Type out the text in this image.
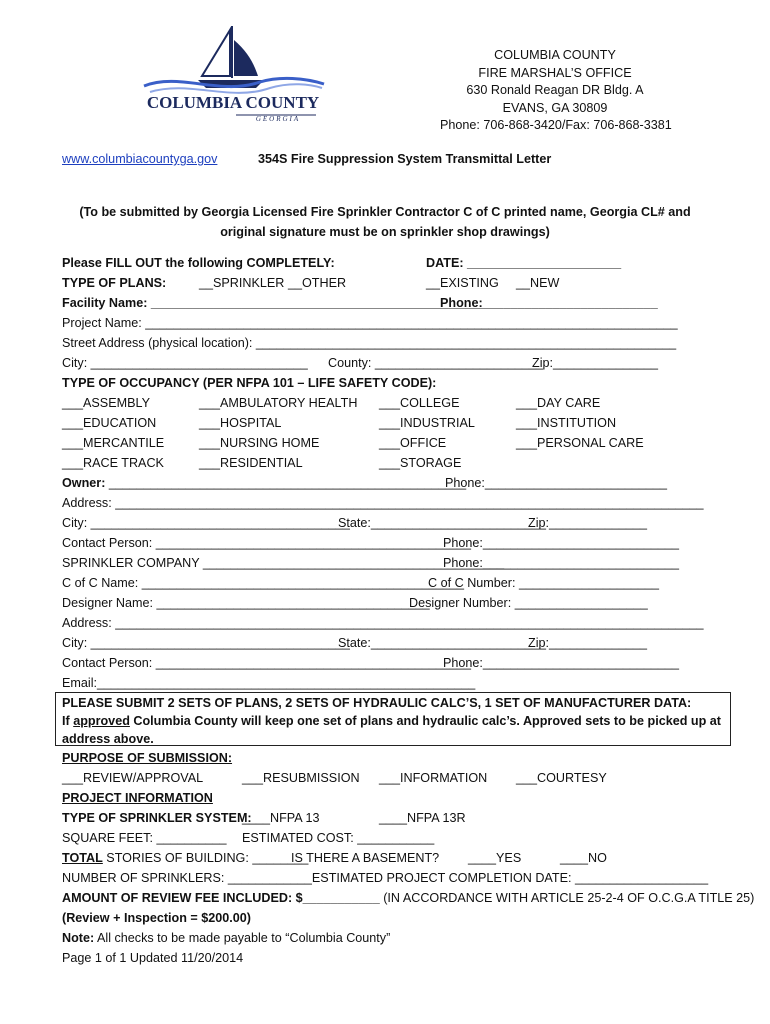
COLUMBIA COUNTY
GEORGIA
COLUMBIA COUNTY
FIRE MARSHAL’S OFFICE
630 Ronald Reagan DR Bldg. A
EVANS, GA 30809
Phone: 706-868-3420/Fax: 706-868-3381
www.columbiacountyga.gov	354S Fire Suppression System Transmittal Letter
(To be submitted by Georgia Licensed Fire Sprinkler Contractor C of C printed name, Georgia CL# and original signature must be on sprinkler shop drawings)
Please FILL OUT the following COMPLETELY:	DATE: ______________________
TYPE OF PLANS:	__SPRINKLER __OTHER	__EXISTING __NEW
Facility Name: _________________________________________________
Phone:_________________________
Project Name: ____________________________________________________________________________
Street Address (physical location): ____________________________________________________________
City: _______________________________ County: ________________________
Zip:_______________
TYPE OF OCCUPANCY (PER NFPA 101 – LIFE SAFETY CODE):
___ASSEMBLY	___AMBULATORY HEALTH ___COLLEGE	___DAY CARE
___EDUCATION	___HOSPITAL	___INDUSTRIAL	___INSTITUTION
___MERCANTILE	___NURSING HOME	___OFFICE	___PERSONAL CARE
___RACE TRACK	___RESIDENTIAL	___STORAGE
Owner: ___________________________________________________
Phone:__________________________
Address: ____________________________________________________________________________________
City: _____________________________________
State:_________________________
Zip:______________
Contact Person: _____________________________________________
Phone:____________________________
SPRINKLER COMPANY ___________________________________________
Phone:____________________________
C of C Name: ______________________________________________
C of C Number: ____________________
Designer Name: _______________________________________
Designer Number: ___________________
Address: ____________________________________________________________________________________
City: _____________________________________
State:_________________________
Zip:______________
Contact Person: _____________________________________________
Phone:____________________________
Email:______________________________________________________
PLEASE SUBMIT 2 SETS OF PLANS, 2 SETS OF HYDRAULIC CALC’S, 1 SET OF MANUFACTURER DATA:
If approved Columbia County will keep one set of plans and hydraulic calc’s. Approved sets to be picked up at address above.
PURPOSE OF SUBMISSION:
___REVIEW/APPROVAL	___RESUBMISSION ___INFORMATION ___COURTESY
PROJECT INFORMATION
TYPE OF SPRINKLER SYSTEM:
____NFPA 13	____NFPA 13R
SQUARE FEET: __________ ESTIMATED COST: ___________
TOTAL STORIES OF BUILDING: ________
IS THERE A BASEMENT? ____YES	____NO
NUMBER OF SPRINKLERS: ____________ESTIMATED PROJECT COMPLETION DATE: ___________________
AMOUNT OF REVIEW FEE INCLUDED: $___________ (IN ACCORDANCE WITH ARTICLE 25-2-4 OF O.C.G.A TITLE 25)
(Review + Inspection = $200.00)
Note: All checks to be made payable to “Columbia County”
Page 1 of 1 Updated 11/20/2014
